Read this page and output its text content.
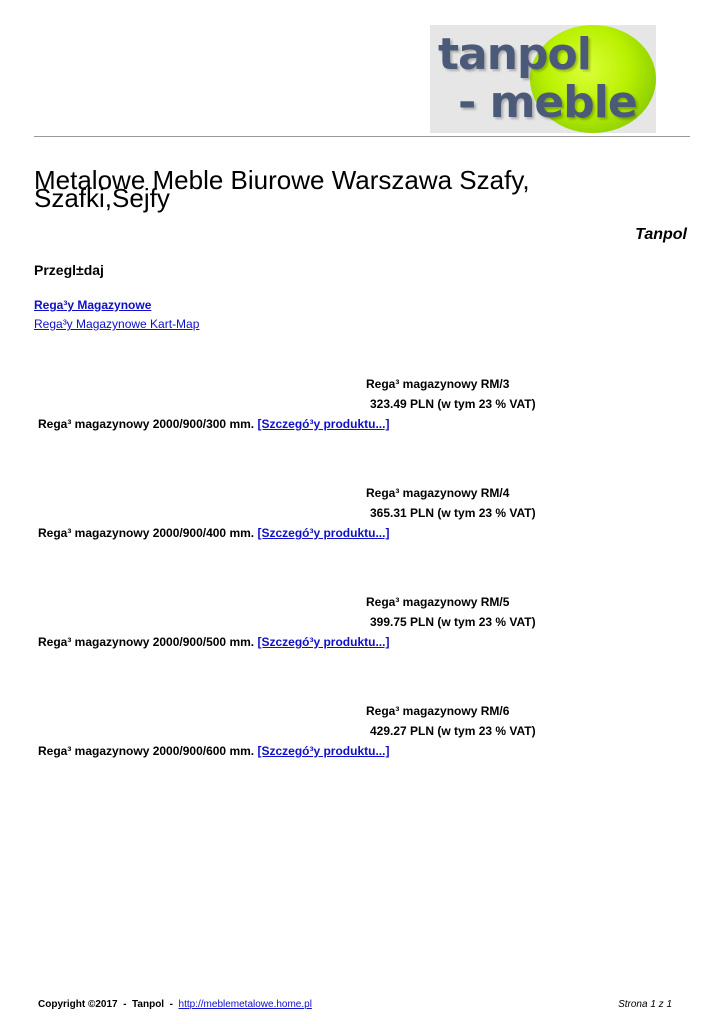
tanpol
- meble
Metalowe Meble Biurowe Warszawa Szafy, Szafki,Sejfy
Tanpol
Przegl±daj
Rega³y Magazynowe
Rega³y Magazynowe Kart-Map
Rega³ magazynowy RM/3
323.49 PLN (w tym 23 % VAT)
Rega³ magazynowy 2000/900/300 mm. [Szczegó³y produktu...]
Rega³ magazynowy RM/4
365.31 PLN (w tym 23 % VAT)
Rega³ magazynowy 2000/900/400 mm. [Szczegó³y produktu...]
Rega³ magazynowy RM/5
399.75 PLN (w tym 23 % VAT)
Rega³ magazynowy 2000/900/500 mm. [Szczegó³y produktu...]
Rega³ magazynowy RM/6
429.27 PLN (w tym 23 % VAT)
Rega³ magazynowy 2000/900/600 mm. [Szczegó³y produktu...]
Copyright ©2017  -  Tanpol  -  http://meblemetalowe.home.pl	Strona 1 z 1
